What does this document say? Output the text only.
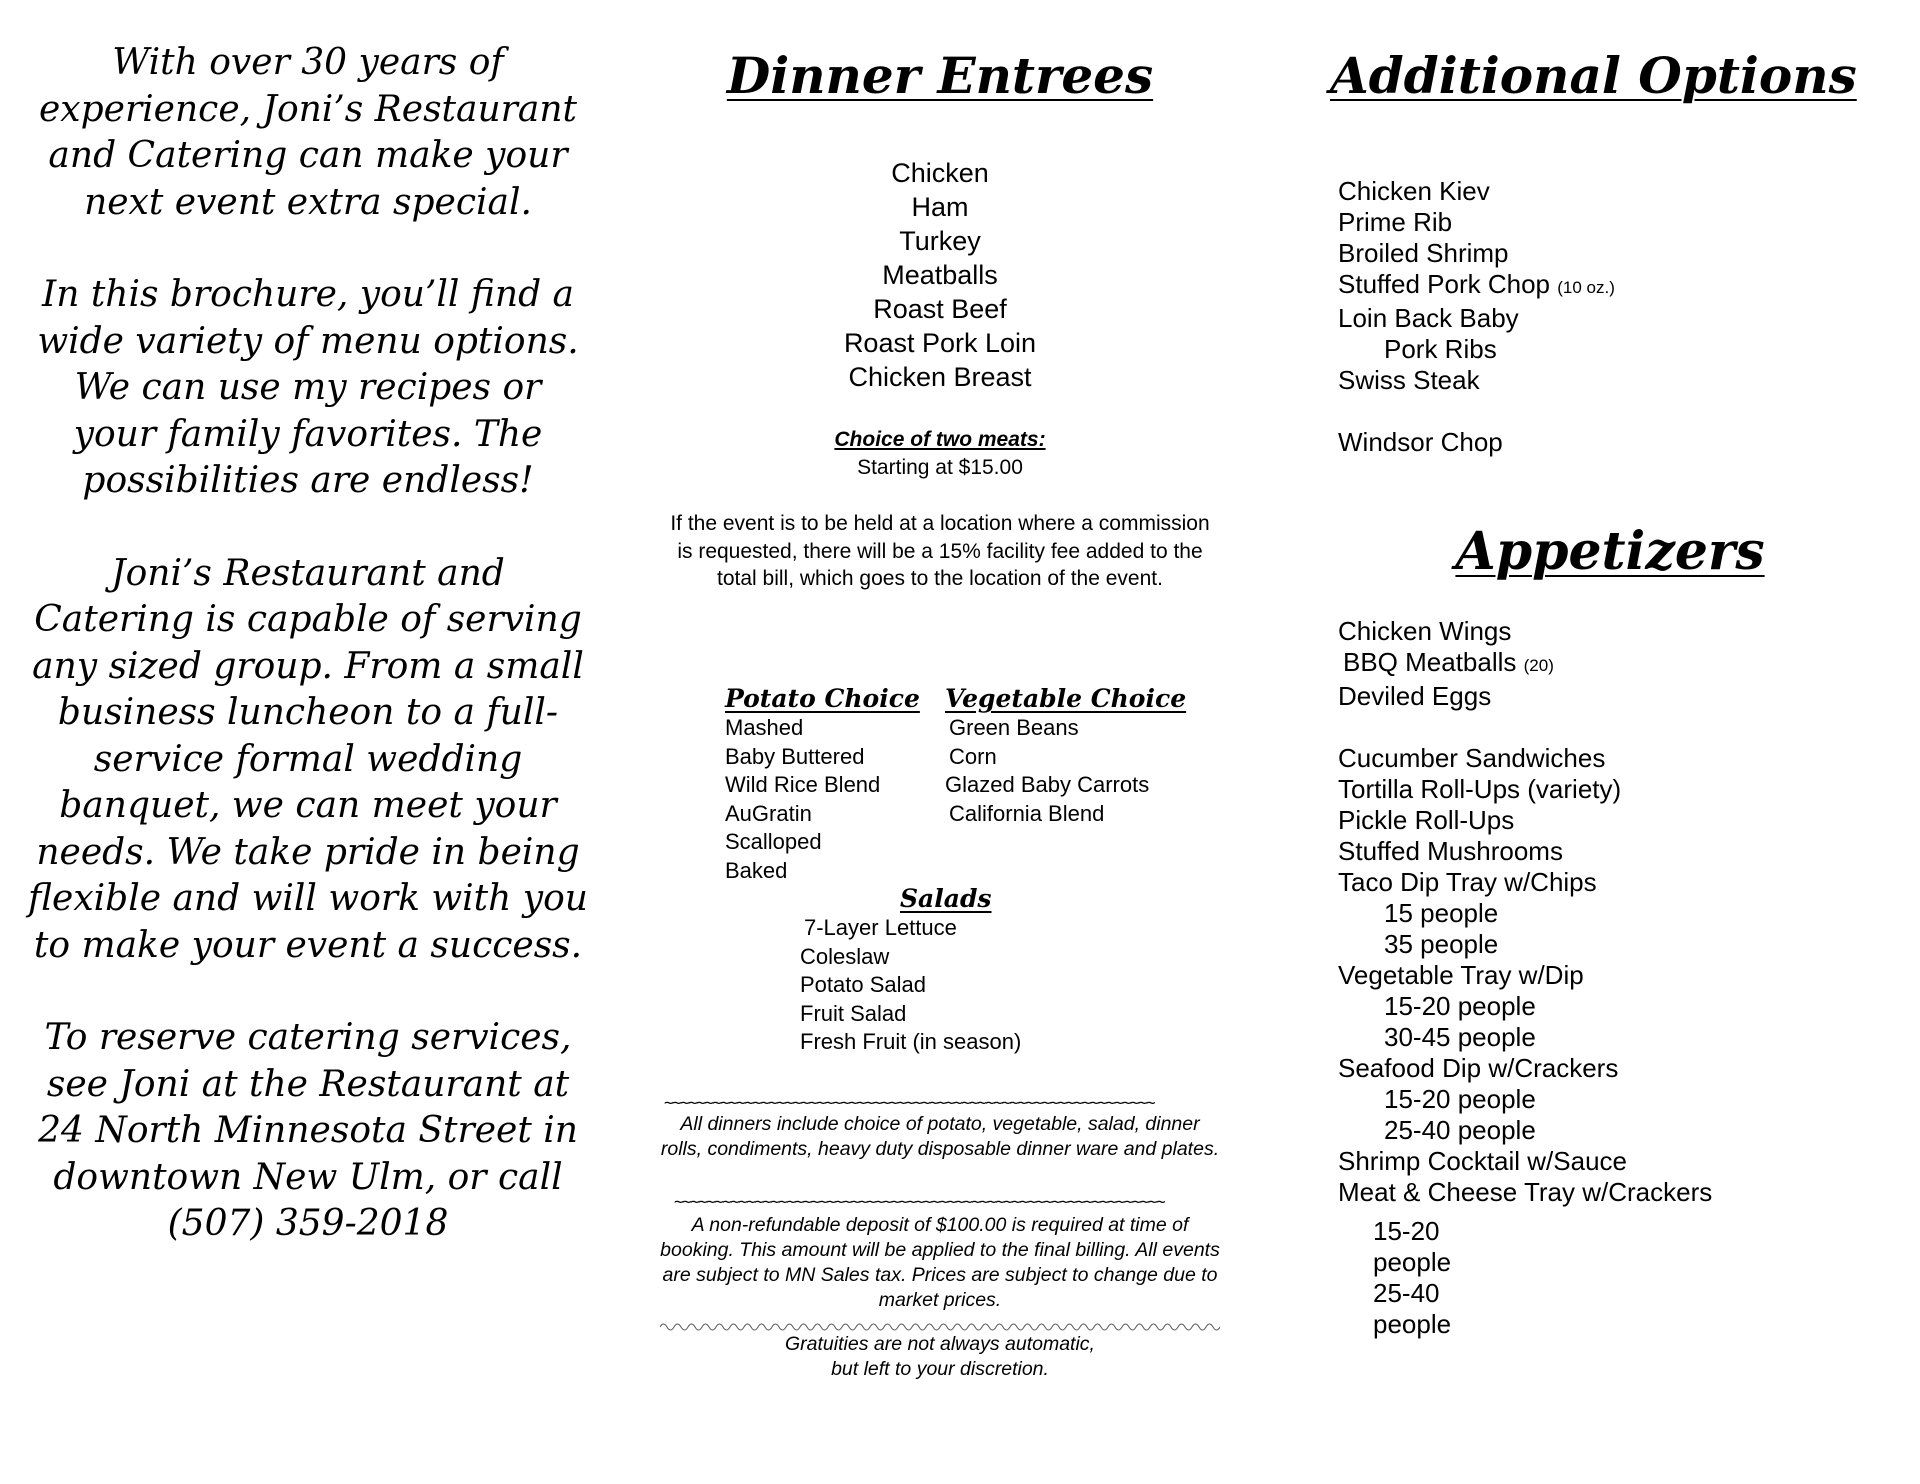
With over 30 years of experience, Joni’s Restaurant and Catering can make your next event extra special.

In this brochure, you’ll find a wide variety of menu options. We can use my recipes or your family favorites. The possibilities are endless!

Joni’s Restaurant and Catering is capable of serving any sized group. From a small business luncheon to a full-service formal wedding banquet, we can meet your needs. We take pride in being flexible and will work with you to make your event a success.

To reserve catering services, see Joni at the Restaurant at 24 North Minnesota Street in downtown New Ulm, or call (507) 359-2018

Dinner Entrees
Chicken
Ham
Turkey
Meatballs
Roast Beef
Roast Pork Loin
Chicken Breast
Choice of two meats:
Starting at $15.00
If the event is to be held at a location where a commission is requested, there will be a 15% facility fee added to the total bill, which goes to the location of the event.
Potato Choice
Mashed
Baby Buttered
Wild Rice Blend
AuGratin
Scalloped
Baked
Vegetable Choice
Green Beans
Corn
Glazed Baby Carrots
California Blend
Salads
7-Layer Lettuce
Coleslaw
Potato Salad
Fruit Salad
Fresh Fruit (in season)
~~~~~~~~~~~~~~~~~~~~~~~~~~~~~~~~~~~~~~~~~~~~~~~~~~~~~~~~~~~~~
All dinners include choice of potato, vegetable, salad, dinner rolls, condiments, heavy duty disposable dinner ware and plates.
~~~~~~~~~~~~~~~~~~~~~~~~~~~~~~~~~~~~~~~~~~~~~~~~~~~~~~~~~~~~~
A non-refundable deposit of $100.00 is required at time of booking. This amount will be applied to the final billing. All events are subject to MN Sales tax. Prices are subject to change due to market prices.
Gratuities are not always automatic,
but left to your discretion.
Additional Options
Chicken Kiev
Prime Rib
Broiled Shrimp
Stuffed Pork Chop (10 oz.)
Loin Back Baby
Pork Ribs
Swiss Steak
Windsor Chop
Appetizers
Chicken Wings
BBQ Meatballs (20)
Deviled Eggs
Cucumber Sandwiches
Tortilla Roll-Ups (variety)
Pickle Roll-Ups
Stuffed Mushrooms
Taco Dip Tray w/Chips
15 people
35 people
Vegetable Tray w/Dip
15-20 people
30-45 people
Seafood Dip w/Crackers
15-20 people
25-40 people
Shrimp Cocktail w/Sauce
Meat & Cheese Tray w/Crackers
15-20
people
25-40
people
